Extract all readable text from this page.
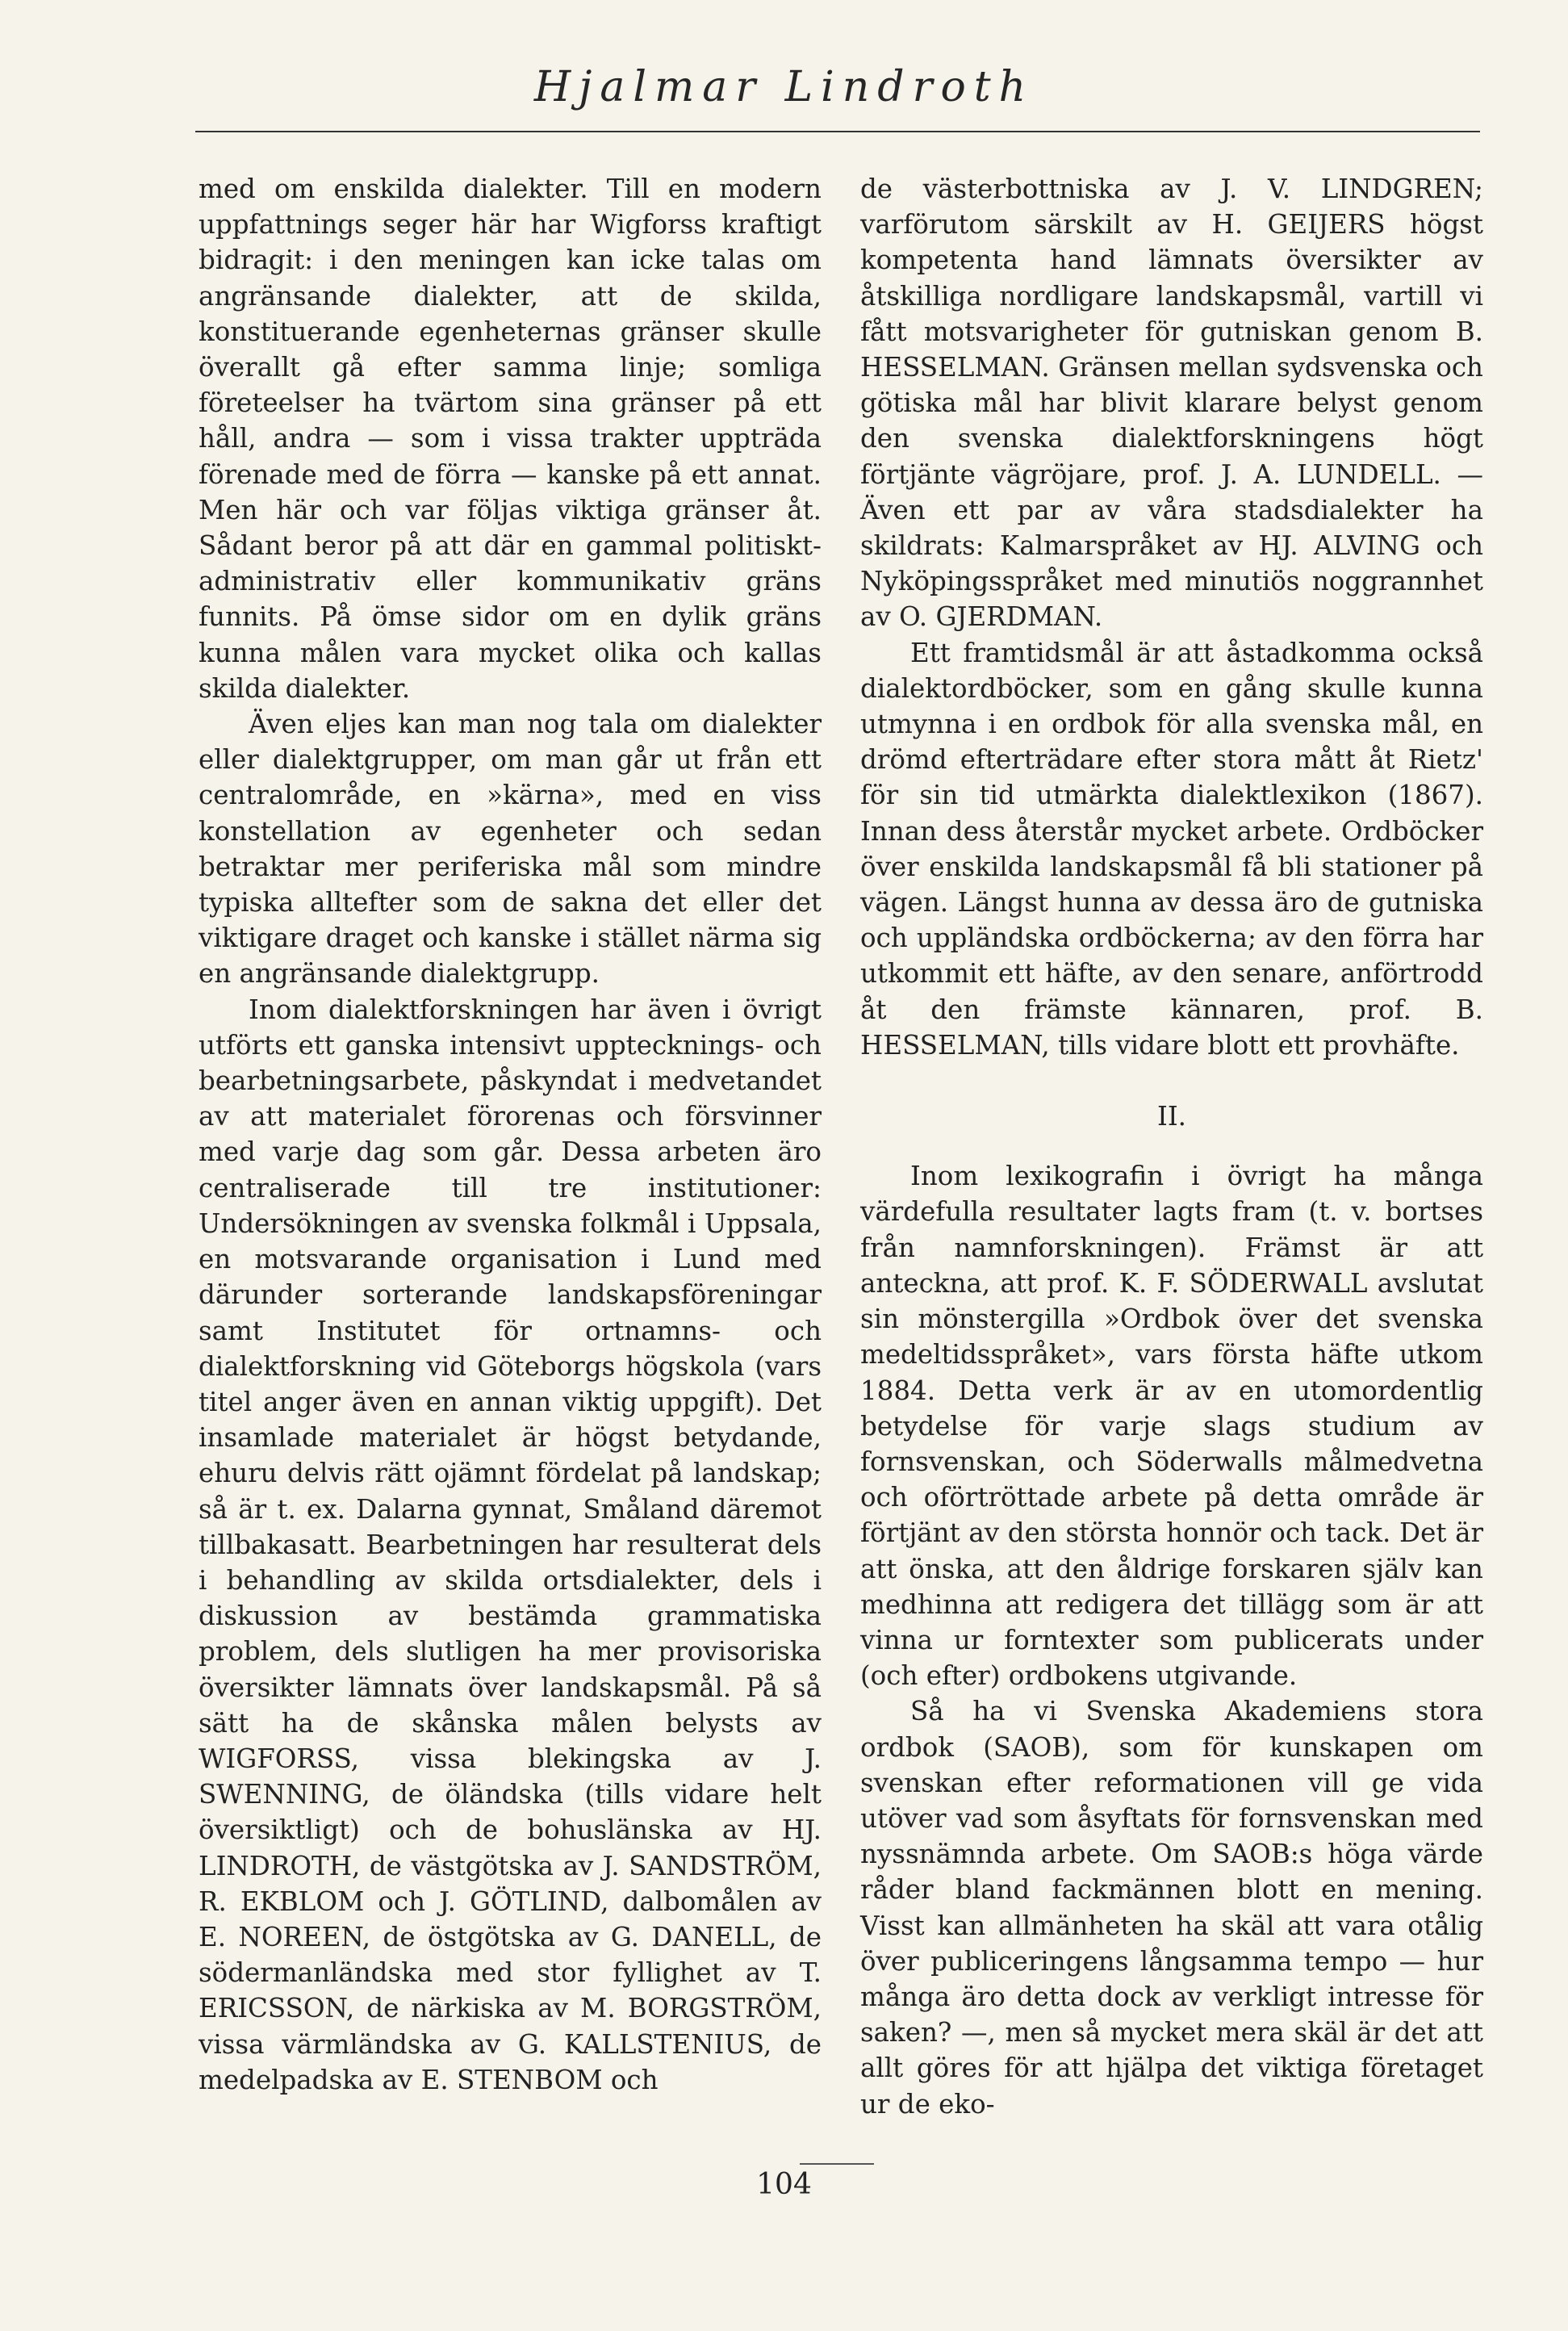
Hjalmar Lindroth

med om enskilda dialekter. Till en modern uppfattnings seger här har Wigforss kraftigt bidragit: i den meningen kan icke talas om angränsande dialekter, att de skilda, konstituerande egenheternas gränser skulle överallt gå efter samma linje; somliga företeelser ha tvärtom sina gränser på ett håll, andra — som i vissa trakter uppträda förenade med de förra — kanske på ett annat. Men här och var följas viktiga gränser åt. Sådant beror på att där en gammal politiskt-administrativ eller kommunikativ gräns funnits. På ömse sidor om en dylik gräns kunna målen vara mycket olika och kallas skilda dialekter.

Även eljes kan man nog tala om dialekter eller dialektgrupper, om man går ut från ett centralområde, en »kärna», med en viss konstellation av egenheter och sedan betraktar mer periferiska mål som mindre typiska alltefter som de sakna det eller det viktigare draget och kanske i stället närma sig en angränsande dialektgrupp.

Inom dialektforskningen har även i övrigt utförts ett ganska intensivt upptecknings- och bearbetningsarbete, påskyndat i medvetandet av att materialet förorenas och försvinner med varje dag som går. Dessa arbeten äro centraliserade till tre institutioner: Undersökningen av svenska folkmål i Uppsala, en motsvarande organisation i Lund med därunder sorterande landskapsföreningar samt Institutet för ortnamns- och dialektforskning vid Göteborgs högskola (vars titel anger även en annan viktig uppgift). Det insamlade materialet är högst betydande, ehuru delvis rätt ojämnt fördelat på landskap; så är t. ex. Dalarna gynnat, Småland däremot tillbakasatt. Bearbetningen har resulterat dels i behandling av skilda ortsdialekter, dels i diskussion av bestämda grammatiska problem, dels slutligen ha mer provisoriska översikter lämnats över landskapsmål. På så sätt ha de skånska målen belysts av WIGFORSS, vissa blekingska av J. SWENNING, de öländska (tills vidare helt översiktligt) och de bohuslänska av HJ. LINDROTH, de västgötska av J. SANDSTRÖM, R. EKBLOM och J. GÖTLIND, dalbomålen av E. NOREEN, de östgötska av G. DANELL, de södermanländska med stor fyllighet av T. ERICSSON, de närkiska av M. BORGSTRÖM, vissa värmländska av G. KALLSTENIUS, de medelpadska av E. STENBOM och

de västerbottniska av J. V. LINDGREN; varförutom särskilt av H. GEIJERS högst kompetenta hand lämnats översikter av åtskilliga nordligare landskapsmål, vartill vi fått motsvarigheter för gutniskan genom B. HESSELMAN. Gränsen mellan sydsvenska och götiska mål har blivit klarare belyst genom den svenska dialektforskningens högt förtjänte vägröjare, prof. J. A. LUNDELL. — Även ett par av våra stadsdialekter ha skildrats: Kalmarspråket av HJ. ALVING och Nyköpingsspråket med minutiös noggrannhet av O. GJERDMAN.

Ett framtidsmål är att åstadkomma också dialektordböcker, som en gång skulle kunna utmynna i en ordbok för alla svenska mål, en drömd efterträdare efter stora mått åt Rietz' för sin tid utmärkta dialektlexikon (1867). Innan dess återstår mycket arbete. Ordböcker över enskilda landskapsmål få bli stationer på vägen. Längst hunna av dessa äro de gutniska och uppländska ordböckerna; av den förra har utkommit ett häfte, av den senare, anförtrodd åt den främste kännaren, prof. B. HESSELMAN, tills vidare blott ett provhäfte.

II.

Inom lexikografin i övrigt ha många värdefulla resultater lagts fram (t. v. bortses från namnforskningen). Främst är att anteckna, att prof. K. F. SÖDERWALL avslutat sin mönstergilla »Ordbok över det svenska medeltidsspråket», vars första häfte utkom 1884. Detta verk är av en utomordentlig betydelse för varje slags studium av fornsvenskan, och Söderwalls målmedvetna och oförtröttade arbete på detta område är förtjänt av den största honnör och tack. Det är att önska, att den åldrige forskaren själv kan medhinna att redigera det tillägg som är att vinna ur forntexter som publicerats under (och efter) ordbokens utgivande.

Så ha vi Svenska Akademiens stora ordbok (SAOB), som för kunskapen om svenskan efter reformationen vill ge vida utöver vad som åsyftats för fornsvenskan med nyssnämnda arbete. Om SAOB:s höga värde råder bland fackmännen blott en mening. Visst kan allmänheten ha skäl att vara otålig över publiceringens långsamma tempo — hur många äro detta dock av verkligt intresse för saken? —, men så mycket mera skäl är det att allt göres för att hjälpa det viktiga företaget ur de eko-

104
